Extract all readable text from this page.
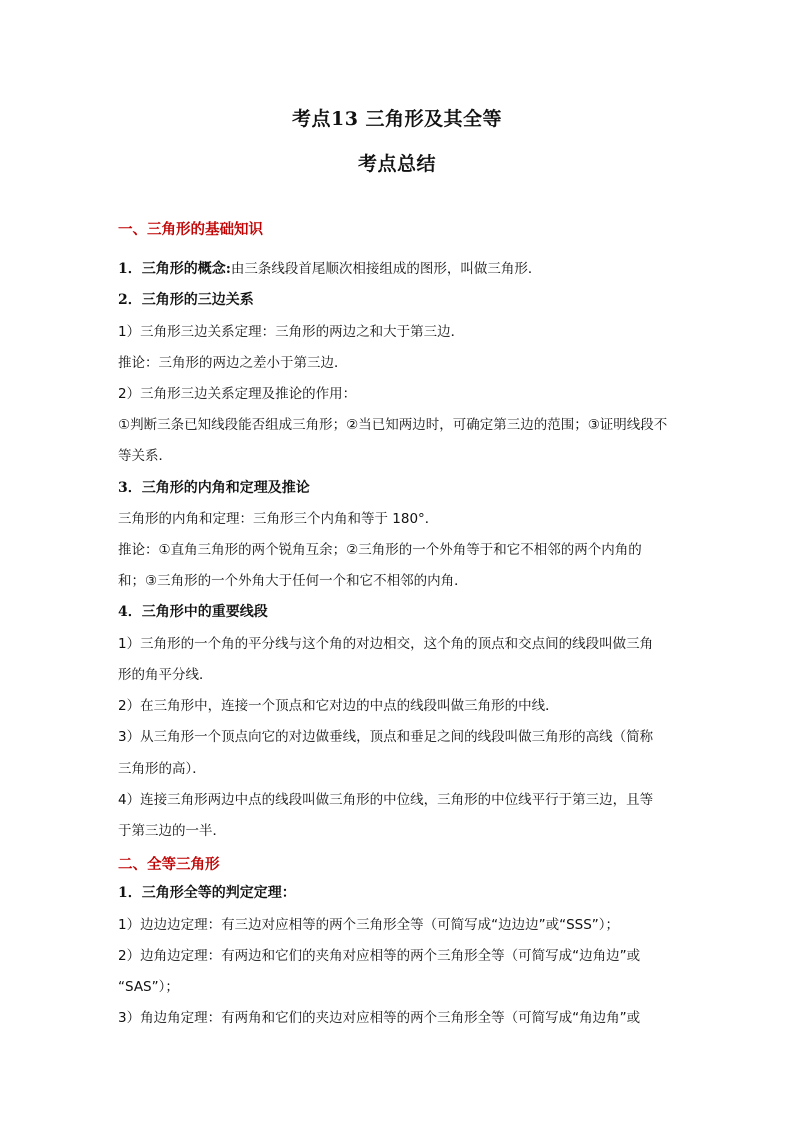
考点13 三角形及其全等
考点总结
一、三角形的基础知识
1．三角形的概念:由三条线段首尾顺次相接组成的图形，叫做三角形．
2．三角形的三边关系
1）三角形三边关系定理：三角形的两边之和大于第三边．
推论：三角形的两边之差小于第三边．
2）三角形三边关系定理及推论的作用：
①判断三条已知线段能否组成三角形；②当已知两边时，可确定第三边的范围；③证明线段不
等关系．
3．三角形的内角和定理及推论
三角形的内角和定理：三角形三个内角和等于 180°．
推论：①直角三角形的两个锐角互余；②三角形的一个外角等于和它不相邻的两个内角的
和；③三角形的一个外角大于任何一个和它不相邻的内角．
4．三角形中的重要线段
1）三角形的一个角的平分线与这个角的对边相交，这个角的顶点和交点间的线段叫做三角
形的角平分线．
2）在三角形中，连接一个顶点和它对边的中点的线段叫做三角形的中线．
3）从三角形一个顶点向它的对边做垂线，顶点和垂足之间的线段叫做三角形的高线（简称
三角形的高）．
4）连接三角形两边中点的线段叫做三角形的中位线，三角形的中位线平行于第三边，且等
于第三边的一半．
二、全等三角形
1．三角形全等的判定定理：
1）边边边定理：有三边对应相等的两个三角形全等（可简写成“边边边”或“SSS”）；
2）边角边定理：有两边和它们的夹角对应相等的两个三角形全等（可简写成“边角边”或
“SAS”）；
3）角边角定理：有两角和它们的夹边对应相等的两个三角形全等（可简写成“角边角”或
